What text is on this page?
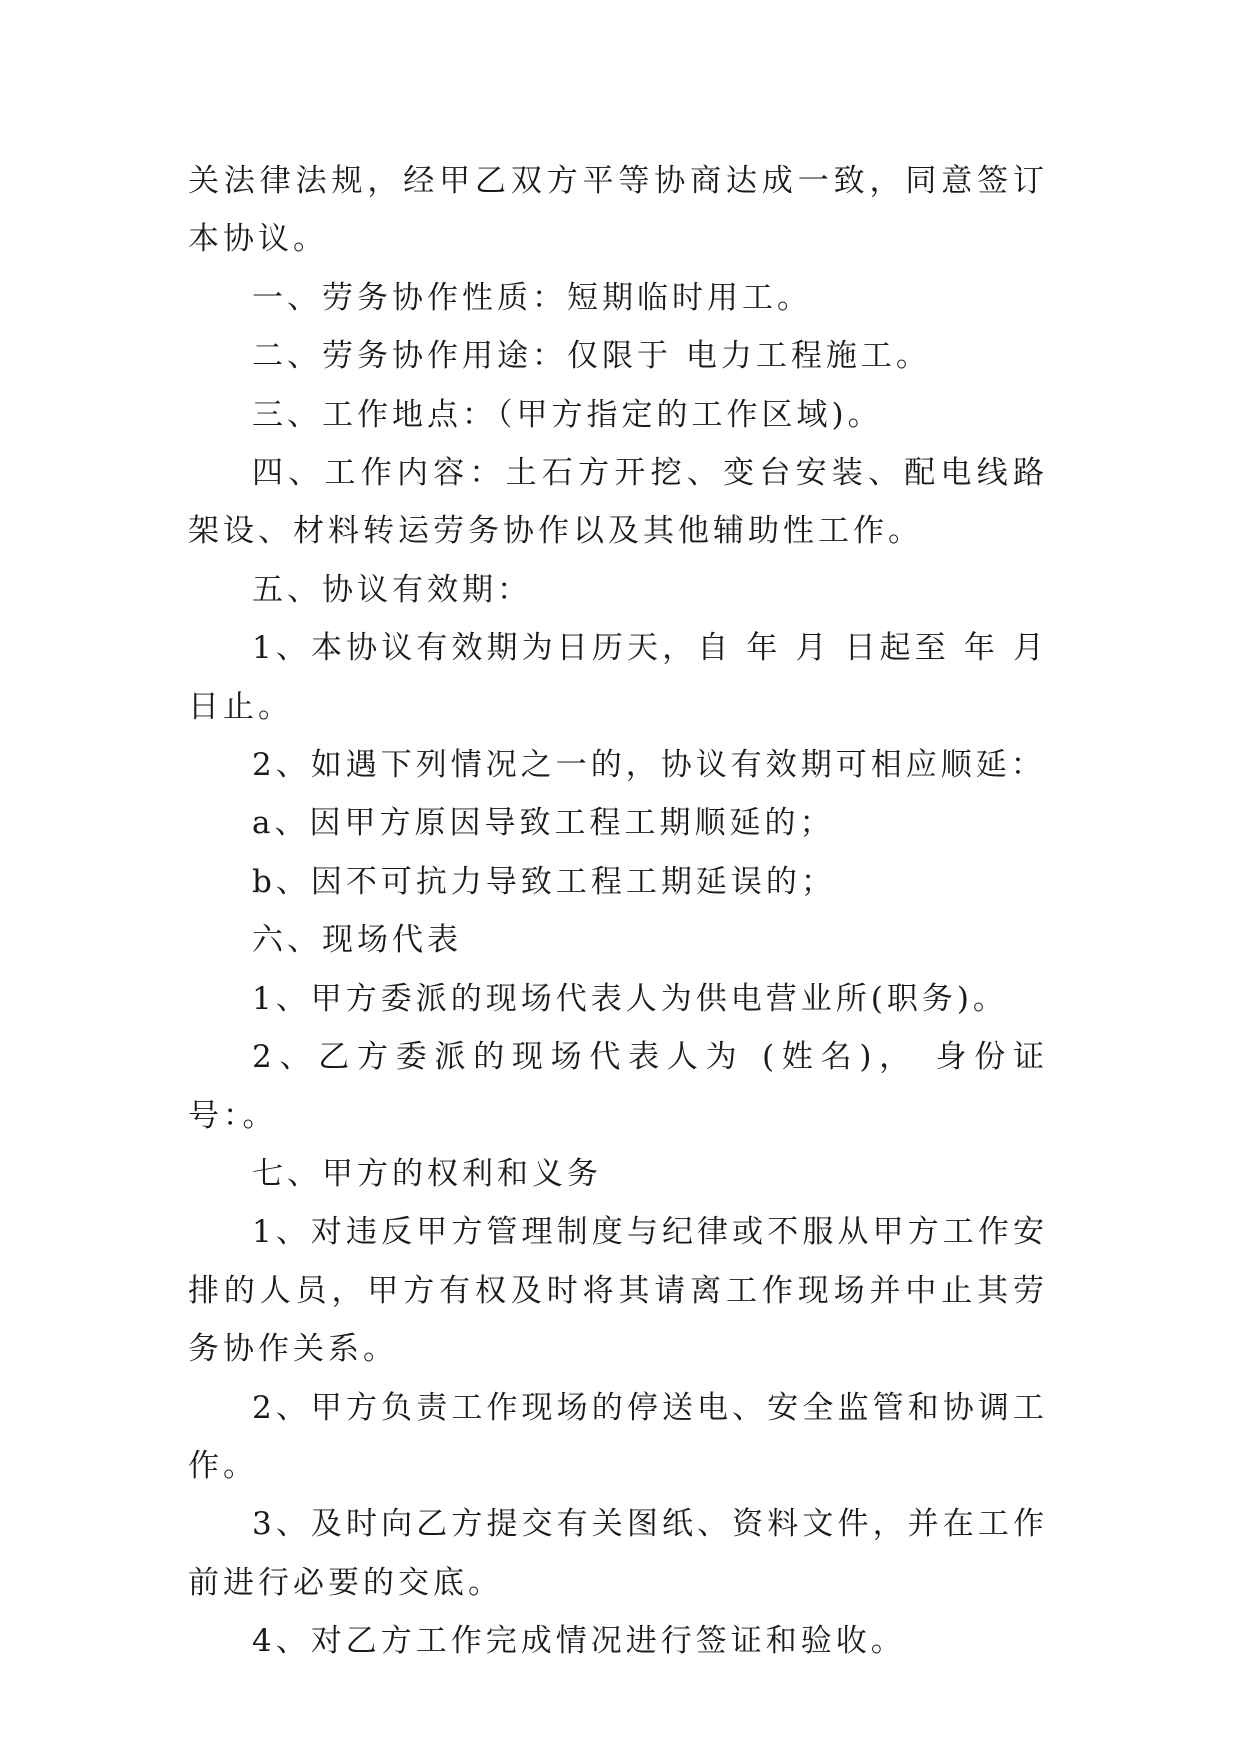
关法律法规，经甲乙双方平等协商达成一致，同意签订本协议。

一、劳务协作性质：短期临时用工。

二、劳务协作用途：仅限于 电力工程施工。

三、工作地点：（甲方指定的工作区域)。

四、工作内容：土石方开挖、变台安装、配电线路架设、材料转运劳务协作以及其他辅助性工作。

五、协议有效期：

1、本协议有效期为日历天，自 年 月 日起至 年 月 日止。

2、如遇下列情况之一的，协议有效期可相应顺延：

a、因甲方原因导致工程工期顺延的；

b、因不可抗力导致工程工期延误的；

六、现场代表

1、甲方委派的现场代表人为供电营业所(职务)。

2、乙方委派的现场代表人为 (姓名)， 身份证号：。

七、甲方的权利和义务

1、对违反甲方管理制度与纪律或不服从甲方工作安排的人员，甲方有权及时将其请离工作现场并中止其劳务协作关系。

2、甲方负责工作现场的停送电、安全监管和协调工作。

3、及时向乙方提交有关图纸、资料文件，并在工作前进行必要的交底。

4、对乙方工作完成情况进行签证和验收。
